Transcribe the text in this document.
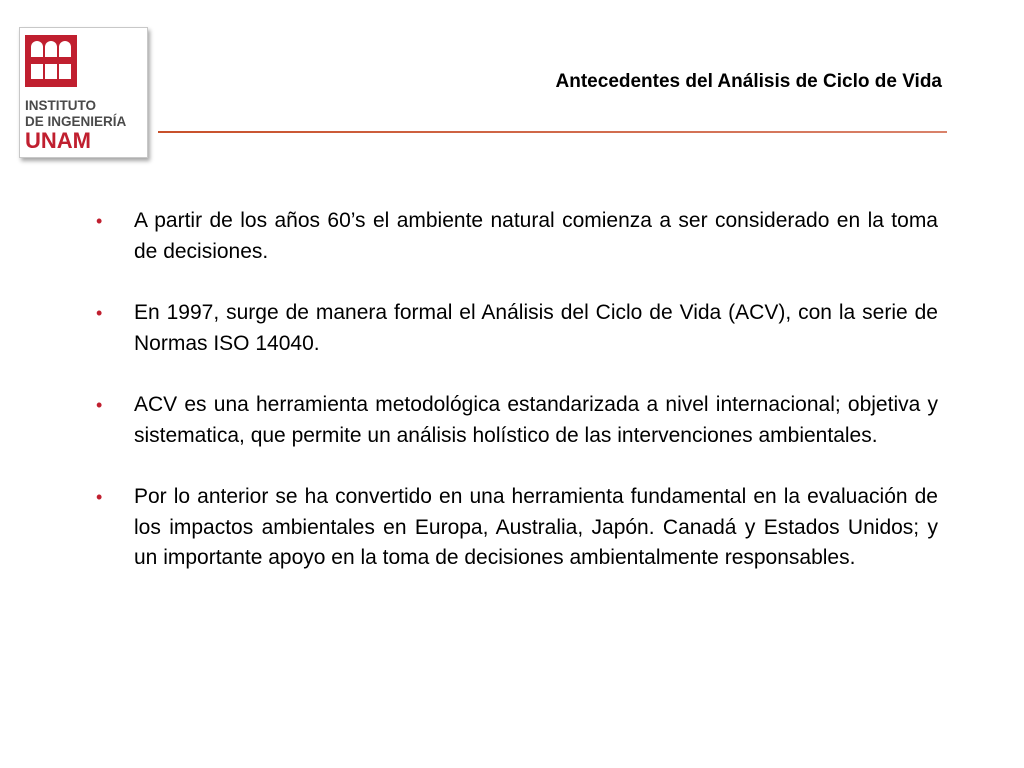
INSTITUTO
DE INGENIERÍA
UNAM
Antecedentes del Análisis de Ciclo de Vida
• A partir de los años 60’s el ambiente natural comienza a ser considerado en la toma de decisiones.
• En 1997, surge de manera formal el Análisis del Ciclo de Vida (ACV), con la serie de Normas ISO 14040.
• ACV es una herramienta metodológica estandarizada a nivel internacional; objetiva y sistematica, que permite un análisis holístico de las intervenciones ambientales.
• Por lo anterior se ha convertido en una herramienta fundamental en la evaluación de los impactos ambientales en Europa, Australia, Japón. Canadá y Estados Unidos; y un importante apoyo en la toma de decisiones ambientalmente responsables.
